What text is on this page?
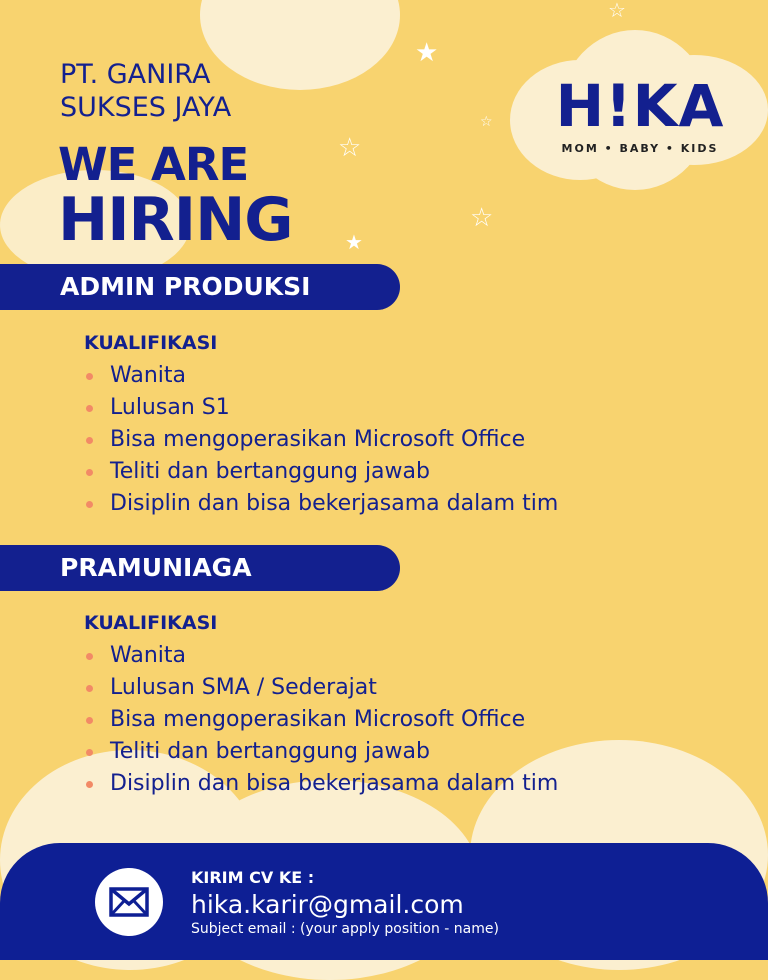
★
☆
☆
☆
★
☆
PT. GANIRA
SUKSES JAYA
WE ARE
HIRING
H!KA
MOM • BABY • KIDS
ADMIN PRODUKSI
KUALIFIKASI
Wanita
Lulusan S1
Bisa mengoperasikan Microsoft Office
Teliti dan bertanggung jawab
Disiplin dan bisa bekerjasama dalam tim
PRAMUNIAGA
KUALIFIKASI
Wanita
Lulusan SMA / Sederajat
Bisa mengoperasikan Microsoft Office
Teliti dan bertanggung jawab
Disiplin dan bisa bekerjasama dalam tim
KIRIM CV KE :
hika.karir@gmail.com
Subject email : (your apply position - name)
